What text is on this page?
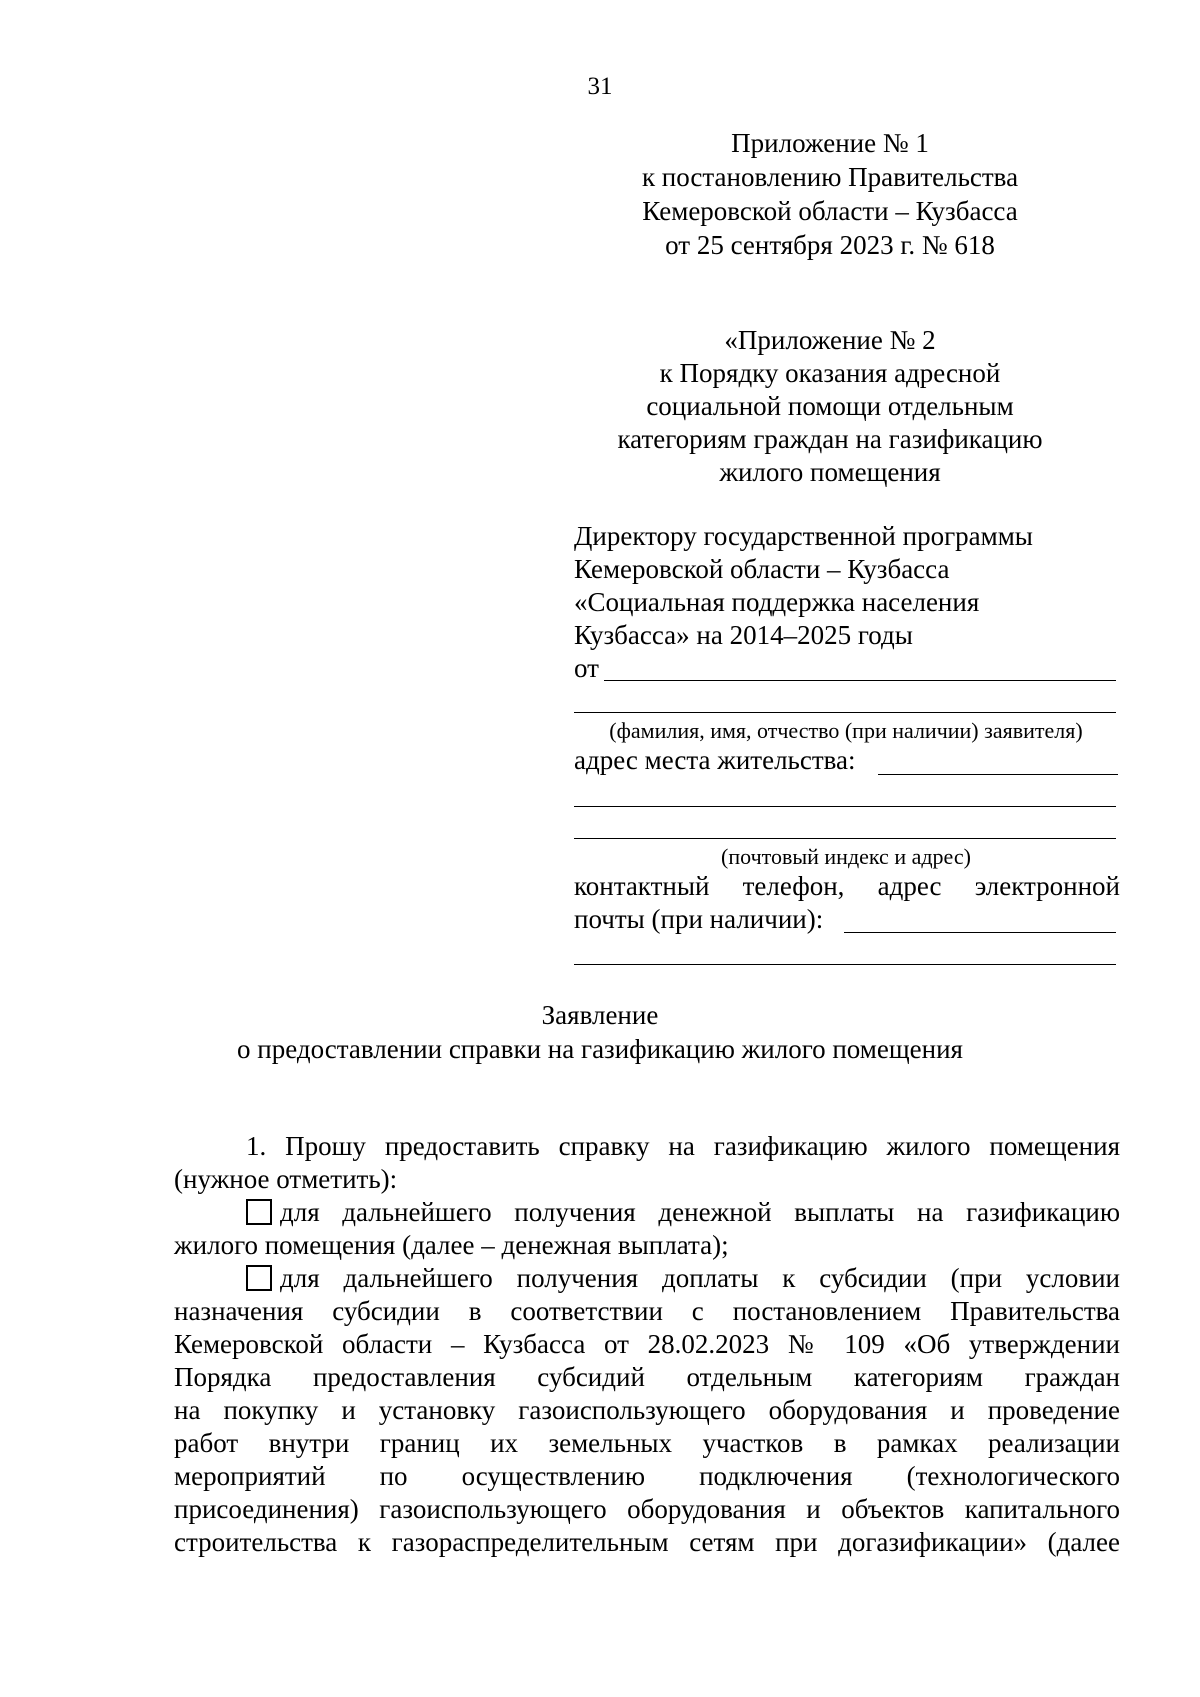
31
Приложение № 1
к постановлению Правительства
Кемеровской области – Кузбасса
от 25 сентября 2023 г. № 618
«Приложение № 2
к Порядку оказания адресной
социальной помощи отдельным
категориям граждан на газификацию
жилого помещения
Директору государственной программы
Кемеровской области – Кузбасса
«Социальная поддержка населения
Кузбасса» на 2014–2025 годы
от
(фамилия, имя, отчество (при наличии) заявителя)
адрес места жительства:
(почтовый индекс и адрес)
контактный телефон, адрес электронной
почты (при наличии):
Заявление
о предоставлении справки на газификацию жилого помещения
1. Прошу предоставить справку на газификацию жилого помещения
(нужное отметить):
для дальнейшего получения денежной выплаты на газификацию
жилого помещения (далее – денежная выплата);
для дальнейшего получения доплаты к субсидии (при условии
назначения субсидии в соответствии с постановлением Правительства
Кемеровской области – Кузбасса от 28.02.2023 № 109 «Об утверждении
Порядка предоставления субсидий отдельным категориям граждан
на покупку и установку газоиспользующего оборудования и проведение
работ внутри границ их земельных участков в рамках реализации
мероприятий по осуществлению подключения (технологического
присоединения) газоиспользующего оборудования и объектов капитального
строительства к газораспределительным сетям при догазификации» (далее
